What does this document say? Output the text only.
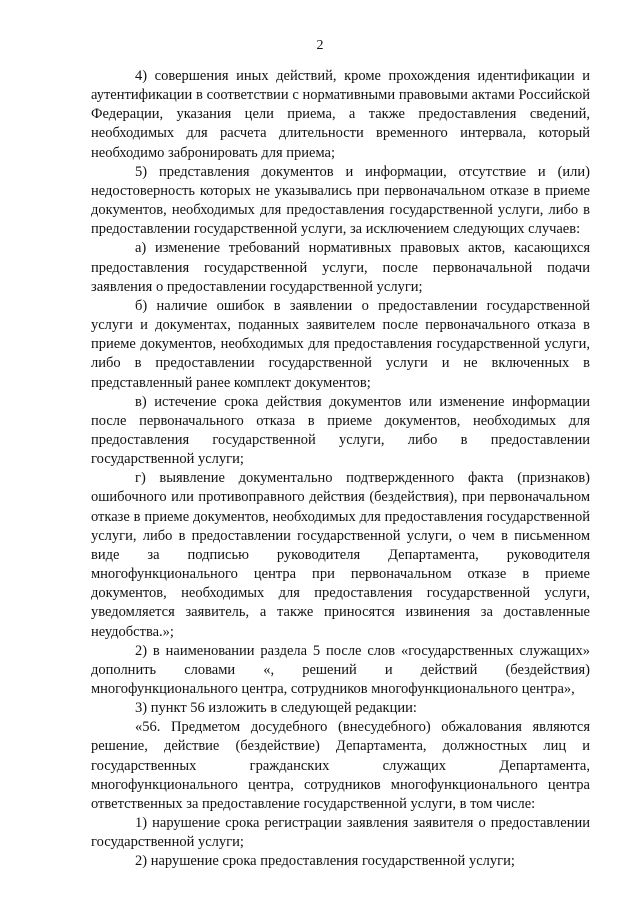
2

4) совершения иных действий, кроме прохождения идентификации и аутентификации в соответствии с нормативными правовыми актами Российской Федерации, указания цели приема, а также предоставления сведений, необходимых для расчета длительности временного интервала, который необходимо забронировать для приема;

5) представления документов и информации, отсутствие и (или) недостоверность которых не указывались при первоначальном отказе в приеме документов, необходимых для предоставления государственной услуги, либо в предоставлении государственной услуги, за исключением следующих случаев:

а) изменение требований нормативных правовых актов, касающихся предоставления государственной услуги, после первоначальной подачи заявления о предоставлении государственной услуги;

б) наличие ошибок в заявлении о предоставлении государственной услуги и документах, поданных заявителем после первоначального отказа в приеме документов, необходимых для предоставления государственной услуги, либо в предоставлении государственной услуги и не включенных в представленный ранее комплект документов;

в) истечение срока действия документов или изменение информации после первоначального отказа в приеме документов, необходимых для предоставления государственной услуги, либо в предоставлении государственной услуги;

г) выявление документально подтвержденного факта (признаков) ошибочного или противоправного действия (бездействия), при первоначальном отказе в приеме документов, необходимых для предоставления государственной услуги, либо в предоставлении государственной услуги, о чем в письменном виде за подписью руководителя Департамента, руководителя многофункционального центра при первоначальном отказе в приеме документов, необходимых для предоставления государственной услуги, уведомляется заявитель, а также приносятся извинения за доставленные неудобства.»;

2) в наименовании раздела 5 после слов «государственных служащих» дополнить словами «, решений и действий (бездействия) многофункционального центра, сотрудников многофункционального центра»,

3) пункт 56 изложить в следующей редакции:

«56. Предметом досудебного (внесудебного) обжалования являются решение, действие (бездействие) Департамента, должностных лиц и государственных гражданских служащих Департамента, многофункционального центра, сотрудников многофункционального центра ответственных за предоставление государственной услуги, в том числе:

1) нарушение срока регистрации заявления заявителя о предоставлении государственной услуги;

2) нарушение срока предоставления государственной услуги;
